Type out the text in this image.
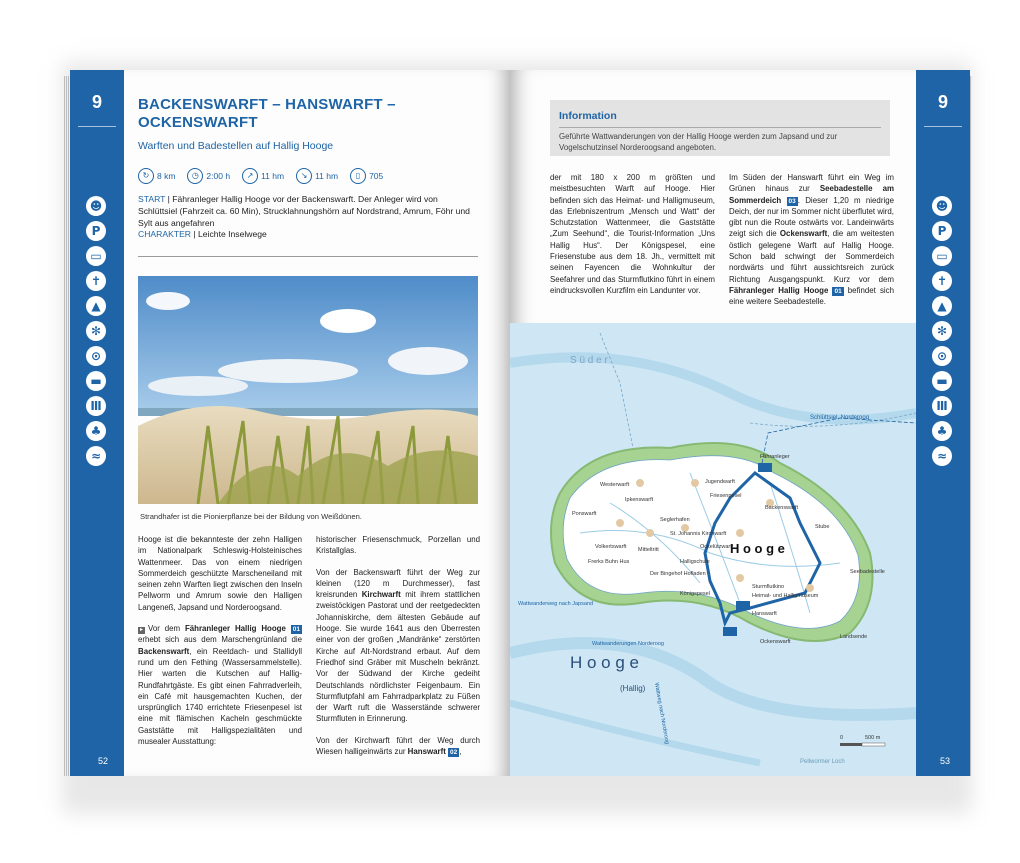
9
☻
P
▭
✝
▲
✻
⊙
▬
Ⅲ
♣
≈
52
BACKENSWARFT – HANSWARFT – OCKENSWARFT
Warften und Badestellen auf Hallig Hooge
↻ 8 km	◷ 2:00 h	↗ 11 hm	↘ 11 hm	▯	705
START | Fähranleger Hallig Hooge vor der Backenswarft. Der Anleger wird von Schlüttsiel (Fahrzeit ca. 60 Min), Strucklahnungshörn auf Nordstrand, Amrum, Föhr und Sylt aus angefahren
CHARAKTER | Leichte Inselwege
Strandhafer ist die Pionierpflanze bei der Bildung von Weißdünen.

Hooge ist die bekannteste der zehn Halligen im Nationalpark Schleswig-Holsteinisches Wattenmeer. Das von einem niedrigen Sommerdeich geschützte Marscheneiland mit seinen zehn Warften liegt zwischen den Inseln Pellworm und Amrum sowie den Halligen Langeneß, Japsand und Norderoogsand.

▸ Vor dem Fähranleger Hallig Hooge 01 erhebt sich aus dem Marschengrünland die Backenswarft, ein Reetdach- und Stallidyll rund um den Fething (Wassersammelstelle). Hier warten die Kutschen auf Hallig-Rundfahrtgäste. Es gibt einen Fahrradverleih, ein Café mit hausgemachten Kuchen, der ursprünglich 1740 errichtete Friesenpesel ist eine mit flämischen Kacheln geschmückte Gaststätte mit Halligspezialitäten und musealer Ausstattung:

historischer Friesenschmuck, Porzellan und Kristallglas.

Von der Backenswarft führt der Weg zur kleinen (120 m Durchmesser), fast kreisrunden Kirchwarft mit ihrem stattlichen zweistöckigen Pastorat und der reetgedeckten Johanniskirche, dem ältesten Gebäude auf Hooge. Sie wurde 1641 aus den Überresten einer von der großen „Mandränke“ zerstörten Kirche auf Alt-Nordstrand erbaut. Auf dem Friedhof sind Gräber mit Muscheln bekränzt. Vor der Südwand der Kirche gedeiht Deutschlands nördlichster Feigenbaum. Ein Sturmflutpfahl am Fahrradparkplatz zu Füßen der Warft ruft die Wasserstände schwerer Sturmfluten in Erinnerung.

Von der Kirchwarft führt der Weg durch Wiesen halligeinwärts zur Hanswarft 02 ,

9
☻
P
▭
✝
▲
✻
⊙
▬
Ⅲ
♣
≈
53
Information
Geführte Wattwanderungen von der Hallig Hooge werden zum Japsand und zur Vogelschutzinsel Norderoogsand angeboten.
der mit 180 x 200 m größten und meistbesuchten Warft auf Hooge. Hier befinden sich das Heimat- und Halligmuseum, das Erlebniszentrum „Mensch und Watt“ der Schutzstation Wattenmeer, die Gaststätte „Zum Seehund“, die Tourist-Information „Uns Hallig Hus“. Der Königspesel, eine Friesenstube aus dem 18. Jh., vermittelt mit seinen Fayencen die Wohnkultur der Seefahrer und das Sturmflutkino führt in einem eindrucksvollen Kurzfilm ein Landunter vor.
Im Süden der Hanswarft führt ein Weg im Grünen hinaus zur Seebadestelle am Sommerdeich 03 . Dieser 1,20 m niedrige Deich, der nur im Sommer nicht überflutet wird, gibt nun die Route ostwärts vor. Landeinwärts zeigt sich die Ockenswarft, die am weitesten östlich gelegene Warft auf Hallig Hooge. Schon bald schwingt der Sommerdeich nordwärts und führt aussichtsreich zurück Richtung Ausgangspunkt. Kurz vor dem Fähranleger Hallig Hooge 01 befindet sich eine weitere Seebadestelle.
H o o g e
(Hallig)
H o o g e
S ü d e r
Schlüttsiel, Norderoog
Pellwormer Loch
Wattwanderweg nach Japsand
Wattwanderungen Norderoog
Wattweg nach Norderoog
Westerwarft
Fähranleger
Ipkenswarft
Jugendwarft
Friesenpesel
Backenswarft
Ponswarft
Seglerhafen
Volkertswarft
St. Johannis Kirchwarft
Frerks Buhn Hus
Der Bingehof Hofladen
Halligschule
Ockelützwarft
Mitteltritt
Sturmflutkino
Heimat- und Halligmuseum
Königspesel
Hanswarft
Ockenswarft
Landsende
Stube
Seebadestelle
0	500 m
